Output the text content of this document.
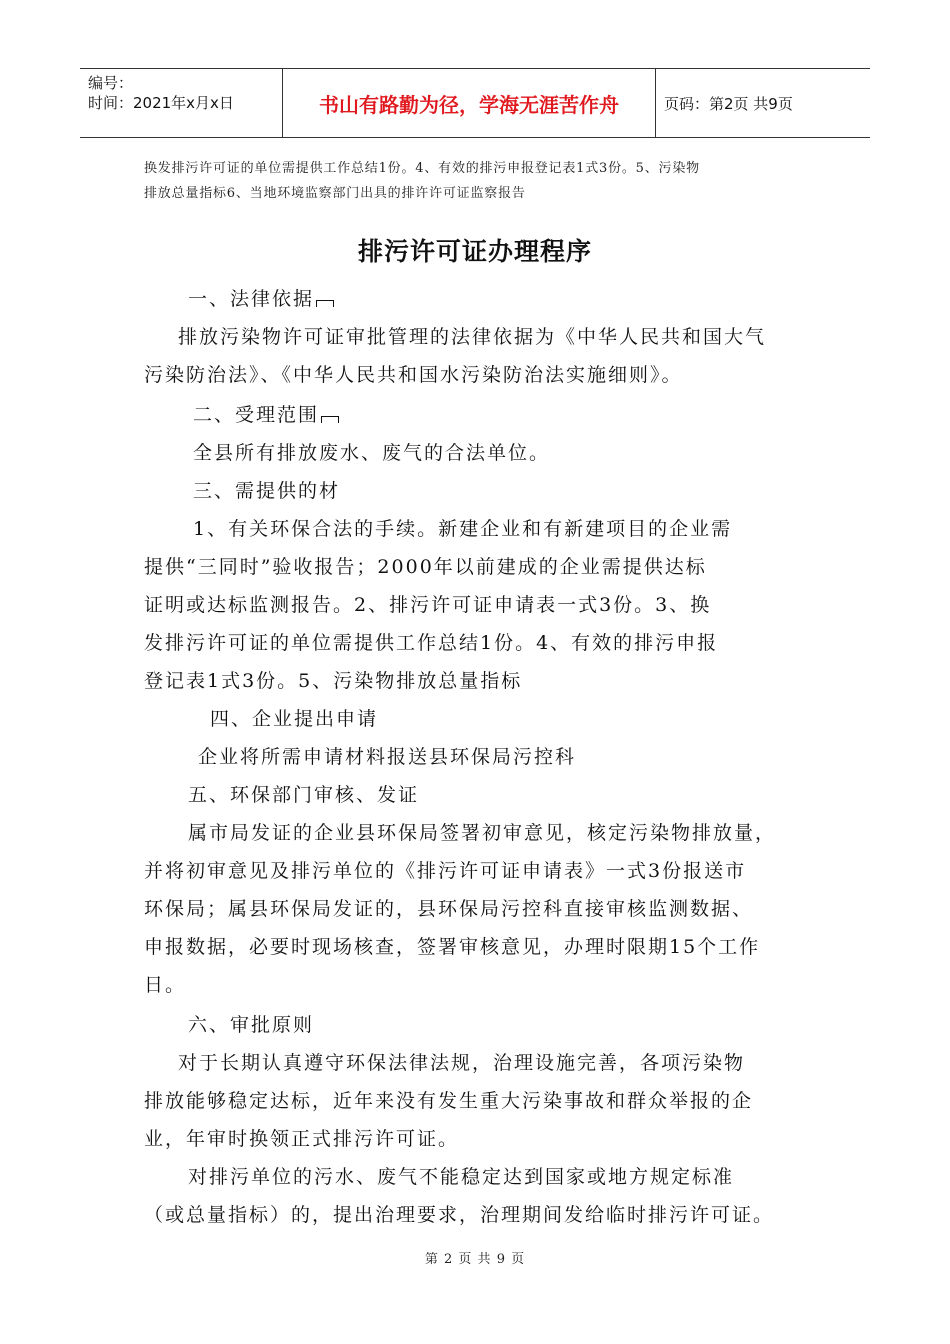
编号：
时间：2021年x月x日	书山有路勤为径，学海无涯苦作舟	页码：第2页 共9页
换发排污许可证的单位需提供工作总结1份。4、有效的排污申报登记表1式3份。5、污染物
排放总量指标6、当地环境监察部门出具的排许许可证监察报告
排污许可证办理程序
一、法律依据
排放污染物许可证审批管理的法律依据为《中华人民共和国大气
污染防治法》、《中华人民共和国水污染防治法实施细则》。
二、受理范围
全县所有排放废水、废气的合法单位。
三、需提供的材
1、有关环保合法的手续。新建企业和有新建项目的企业需
提供“三同时”验收报告；2000年以前建成的企业需提供达标
证明或达标监测报告。2、排污许可证申请表一式3份。3、换
发排污许可证的单位需提供工作总结1份。4、有效的排污申报
登记表1式3份。5、污染物排放总量指标
四、企业提出申请
企业将所需申请材料报送县环保局污控科
五、环保部门审核、发证
属市局发证的企业县环保局签署初审意见，核定污染物排放量，
并将初审意见及排污单位的《排污许可证申请表》一式3份报送市
环保局；属县环保局发证的，县环保局污控科直接审核监测数据、
申报数据，必要时现场核查，签署审核意见，办理时限期15个工作
日。
六、审批原则
对于长期认真遵守环保法律法规，治理设施完善，各项污染物
排放能够稳定达标，近年来没有发生重大污染事故和群众举报的企
业，年审时换领正式排污许可证。
对排污单位的污水、废气不能稳定达到国家或地方规定标准
（或总量指标）的，提出治理要求，治理期间发给临时排污许可证。
第 2 页 共 9 页
